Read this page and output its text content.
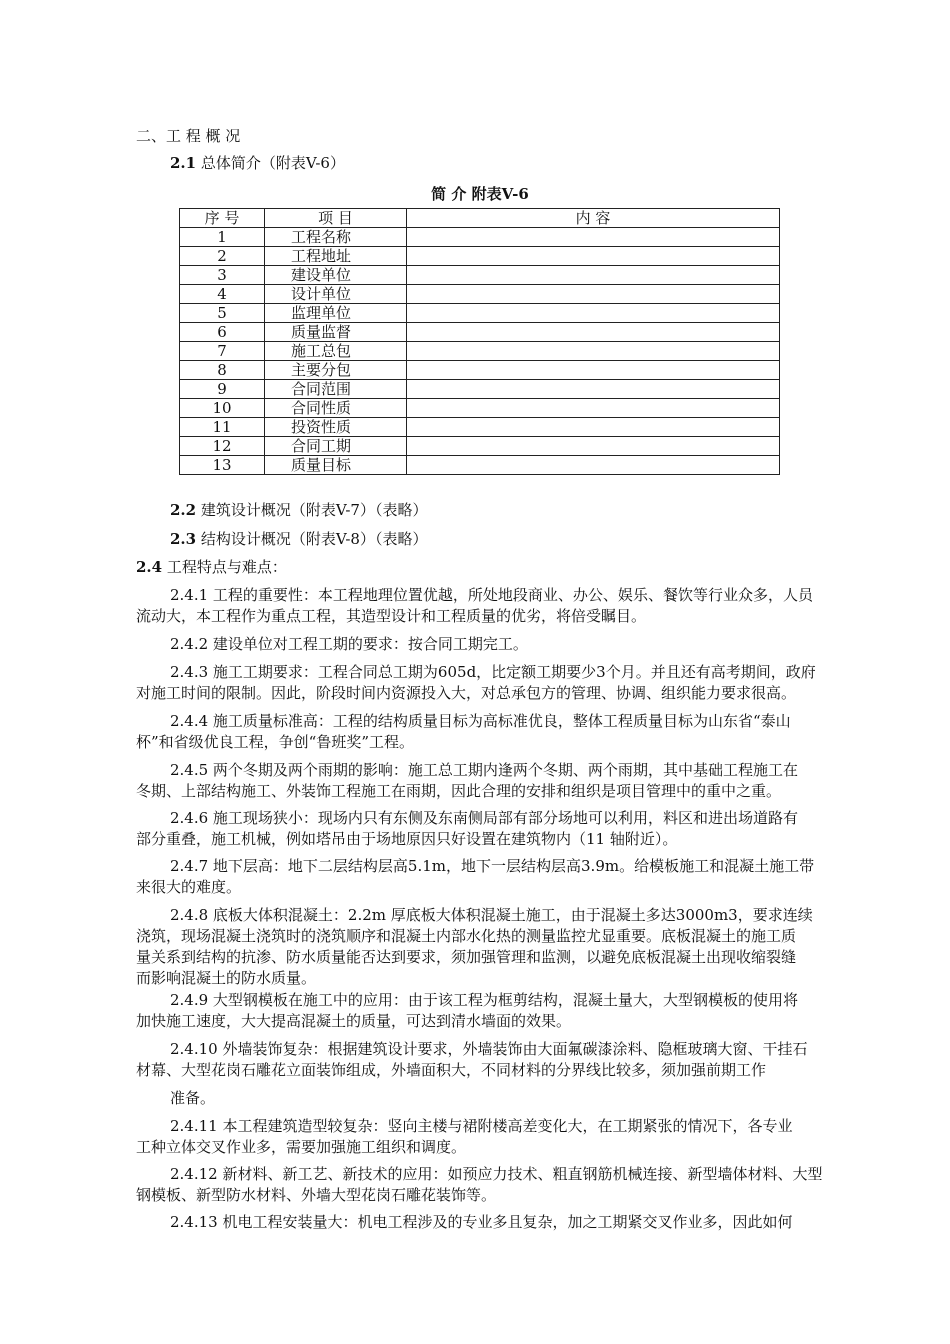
二、工 程 概 况
2.1 总体简介（附表V-6）
简 介 附表V-6
序 号	项 目	内 容
1	工程名称	
2	工程地址	
3	建设单位	
4	设计单位	
5	监理单位	
6	质量监督	
7	施工总包	
8	主要分包	
9	合同范围	
10	合同性质	
11	投资性质	
12	合同工期	
13	质量目标	
2.2 建筑设计概况（附表V-7）（表略）
2.3 结构设计概况（附表V-8）（表略）
2.4 工程特点与难点：
2.4.1 工程的重要性：本工程地理位置优越，所处地段商业、办公、娱乐、餐饮等行业众多，人员
流动大，本工程作为重点工程，其造型设计和工程质量的优劣，将倍受瞩目。
2.4.2 建设单位对工程工期的要求：按合同工期完工。
2.4.3 施工工期要求：工程合同总工期为605d，比定额工期要少3个月。并且还有高考期间，政府
对施工时间的限制。因此，阶段时间内资源投入大，对总承包方的管理、协调、组织能力要求很高。
2.4.4 施工质量标准高：工程的结构质量目标为高标准优良，整体工程质量目标为山东省“泰山
杯”和省级优良工程，争创“鲁班奖”工程。
2.4.5 两个冬期及两个雨期的影响：施工总工期内逢两个冬期、两个雨期，其中基础工程施工在
冬期、上部结构施工、外装饰工程施工在雨期，因此合理的安排和组织是项目管理中的重中之重。
2.4.6 施工现场狭小：现场内只有东侧及东南侧局部有部分场地可以利用，料区和进出场道路有
部分重叠，施工机械，例如塔吊由于场地原因只好设置在建筑物内（11 轴附近）。
2.4.7 地下层高：地下二层结构层高5.1m，地下一层结构层高3.9m。给模板施工和混凝土施工带
来很大的难度。
2.4.8 底板大体积混凝土：2.2m 厚底板大体积混凝土施工，由于混凝土多达3000m3，要求连续
浇筑，现场混凝土浇筑时的浇筑顺序和混凝土内部水化热的测量监控尤显重要。底板混凝土的施工质
量关系到结构的抗渗、防水质量能否达到要求，须加强管理和监测，以避免底板混凝土出现收缩裂缝
而影响混凝土的防水质量。
2.4.9 大型钢模板在施工中的应用：由于该工程为框剪结构，混凝土量大，大型钢模板的使用将
加快施工速度，大大提高混凝土的质量，可达到清水墙面的效果。
2.4.10 外墙装饰复杂：根据建筑设计要求，外墙装饰由大面氟碳漆涂料、隐框玻璃大窗、干挂石
材幕、大型花岗石雕花立面装饰组成，外墙面积大，不同材料的分界线比较多，须加强前期工作
准备。
2.4.11 本工程建筑造型较复杂：竖向主楼与裙附楼高差变化大，在工期紧张的情况下，各专业
工种立体交叉作业多，需要加强施工组织和调度。
2.4.12 新材料、新工艺、新技术的应用：如预应力技术、粗直钢筋机械连接、新型墙体材料、大型
钢模板、新型防水材料、外墙大型花岗石雕花装饰等。
2.4.13 机电工程安装量大：机电工程涉及的专业多且复杂，加之工期紧交叉作业多，因此如何
